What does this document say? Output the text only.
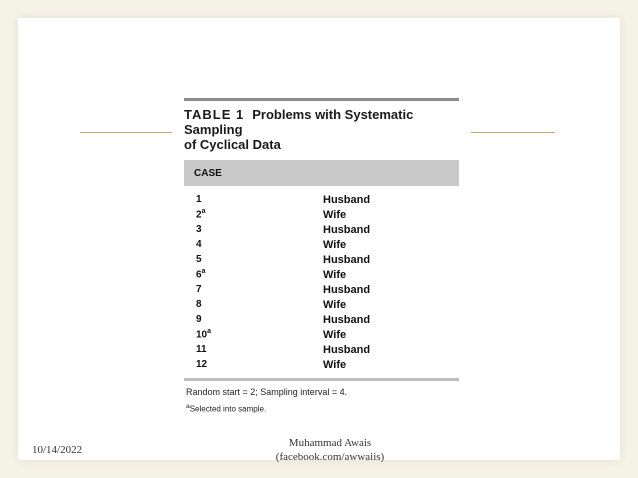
TABLE 1 Problems with Systematic Sampling
of Cyclical Data
CASE
1	Husband
2$^a$	Wife
3	Husband
4	Wife
5	Husband
6$^a$	Wife
7	Husband
8	Wife
9	Husband
10$^a$	Wife
11	Husband
12	Wife
Random start = 2; Sampling interval = 4.
$^a$Selected into sample.
10/14/2022
Muhammad Awais
(facebook.com/awwaiis)
